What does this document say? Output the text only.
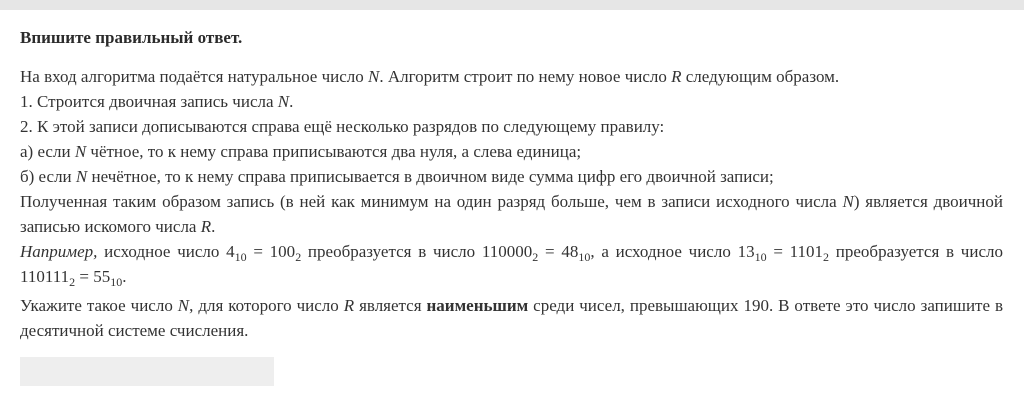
Впишите правильный ответ.

На вход алгоритма подаётся натуральное число N. Алгоритм строит по нему новое число R следующим образом.

1. Строится двоичная запись числа N.

2. К этой записи дописываются справа ещё несколько разрядов по следующему правилу:

а) если N чётное, то к нему справа приписываются два нуля, а слева единица;

б) если N нечётное, то к нему справа приписывается в двоичном виде сумма цифр его двоичной записи;

Полученная таким образом запись (в ней как минимум на один разряд больше, чем в записи исходного числа N) является двоичной записью искомого числа R.

Например, исходное число $4_{10} = 100_2$ преобразуется в число $110000_2 = 48_{10}$, а исходное число $13_{10} = 1101_2$ преобразуется в число $110111_2 = 55_{10}$.

Укажите такое число N, для которого число R является наименьшим среди чисел, превышающих 190. В ответе это число запишите в десятичной системе счисления.
